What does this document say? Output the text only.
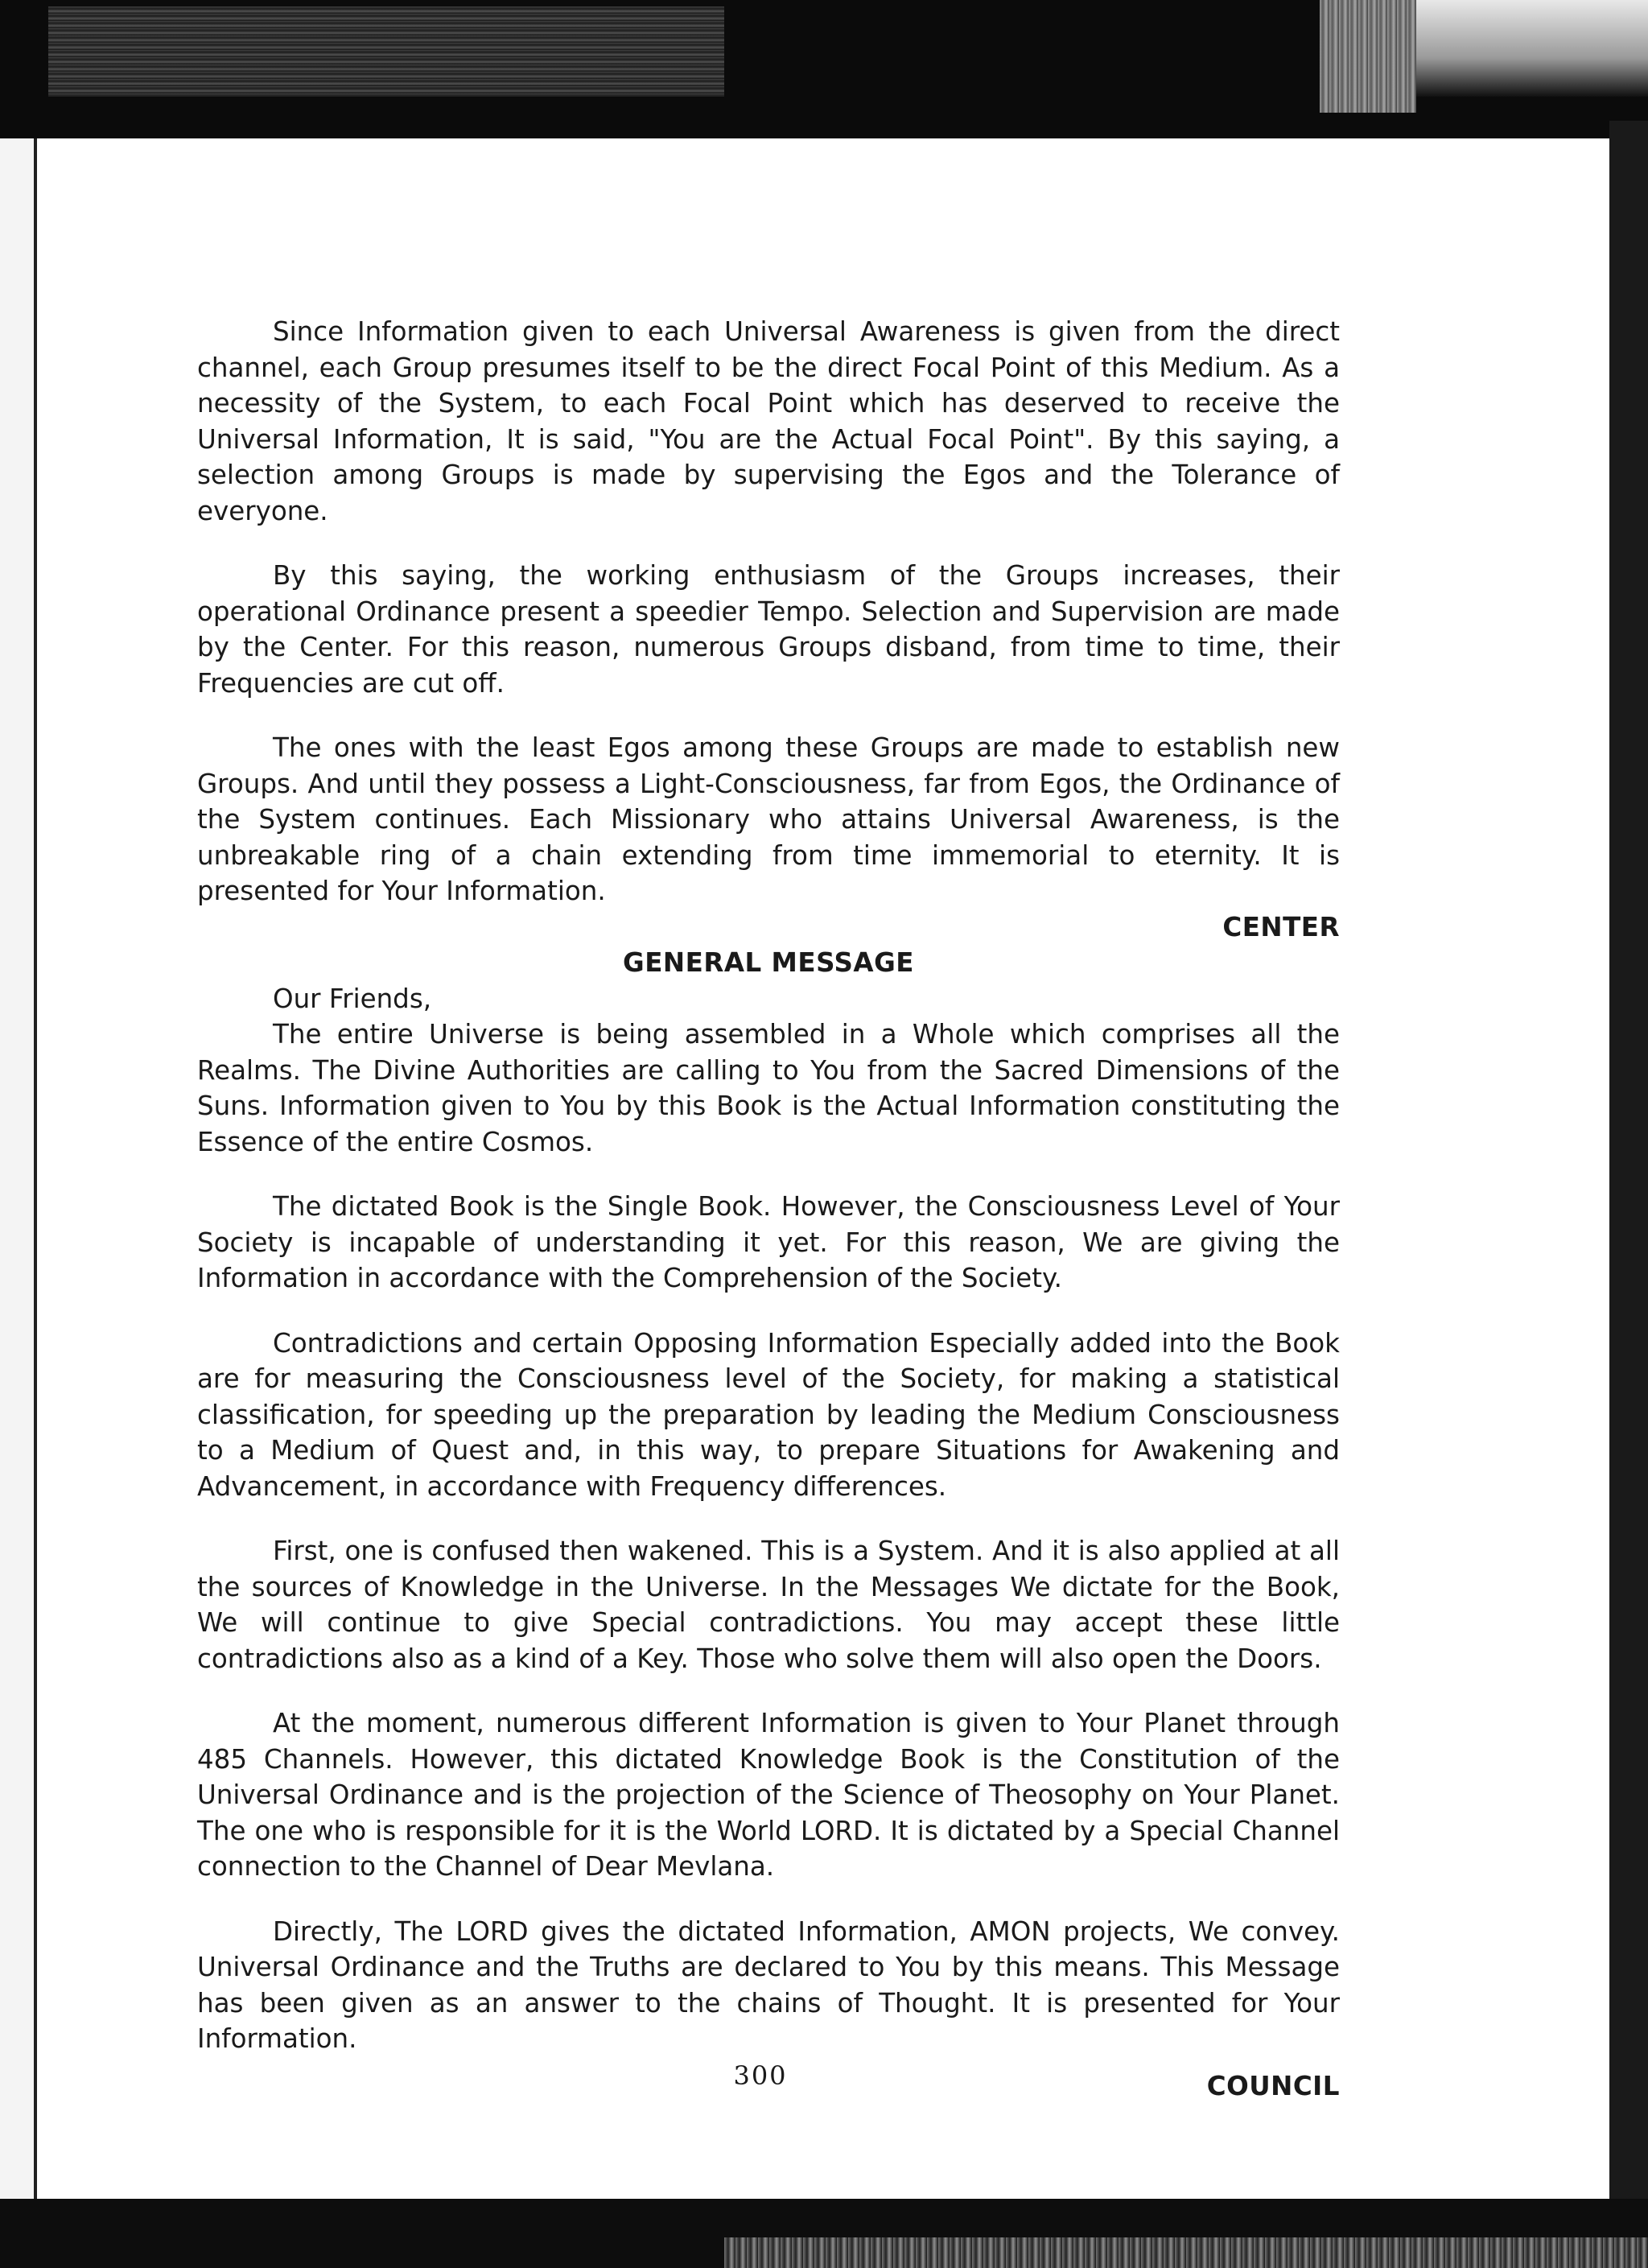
Since Information given to each Universal Awareness is given from the direct channel, each Group presumes itself to be the direct Focal Point of this Medium. As a necessity of the System, to each Focal Point which has deserved to receive the Universal Information, It is said, "You are the Actual Focal Point". By this saying, a selection among Groups is made by supervising the Egos and the Tolerance of everyone.

By this saying, the working enthusiasm of the Groups increases, their operational Ordinance present a speedier Tempo. Selection and Supervision are made by the Center. For this reason, numerous Groups disband, from time to time, their Frequencies are cut off.

The ones with the least Egos among these Groups are made to establish new Groups. And until they possess a Light-Consciousness, far from Egos, the Ordinance of the System continues. Each Missionary who attains Universal Awareness, is the unbreakable ring of a chain extending from time immemorial to eternity. It is presented for Your Information.

CENTER

GENERAL MESSAGE

Our Friends,

The entire Universe is being assembled in a Whole which comprises all the Realms. The Divine Authorities are calling to You from the Sacred Dimensions of the Suns. Information given to You by this Book is the Actual Information constituting the Essence of the entire Cosmos.

The dictated Book is the Single Book. However, the Consciousness Level of Your Society is incapable of understanding it yet. For this reason, We are giving the Information in accordance with the Comprehension of the Society.

Contradictions and certain Opposing Information Especially added into the Book are for measuring the Consciousness level of the Society, for making a statistical classification, for speeding up the preparation by leading the Medium Consciousness to a Medium of Quest and, in this way, to prepare Situations for Awakening and Advancement, in accordance with Frequency differences.

First, one is confused then wakened. This is a System. And it is also applied at all the sources of Knowledge in the Universe. In the Messages We dictate for the Book, We will continue to give Special contradictions. You may accept these little contradictions also as a kind of a Key. Those who solve them will also open the Doors.

At the moment, numerous different Information is given to Your Planet through 485 Channels. However, this dictated Knowledge Book is the Constitution of the Universal Ordinance and is the projection of the Science of Theosophy on Your Planet. The one who is responsible for it is the World LORD. It is dictated by a Special Channel connection to the Channel of Dear Mevlana.

Directly, The LORD gives the dictated Information, AMON projects, We convey. Universal Ordinance and the Truths are declared to You by this means. This Message has been given as an answer to the chains of Thought. It is presented for Your Information.

COUNCIL

300
